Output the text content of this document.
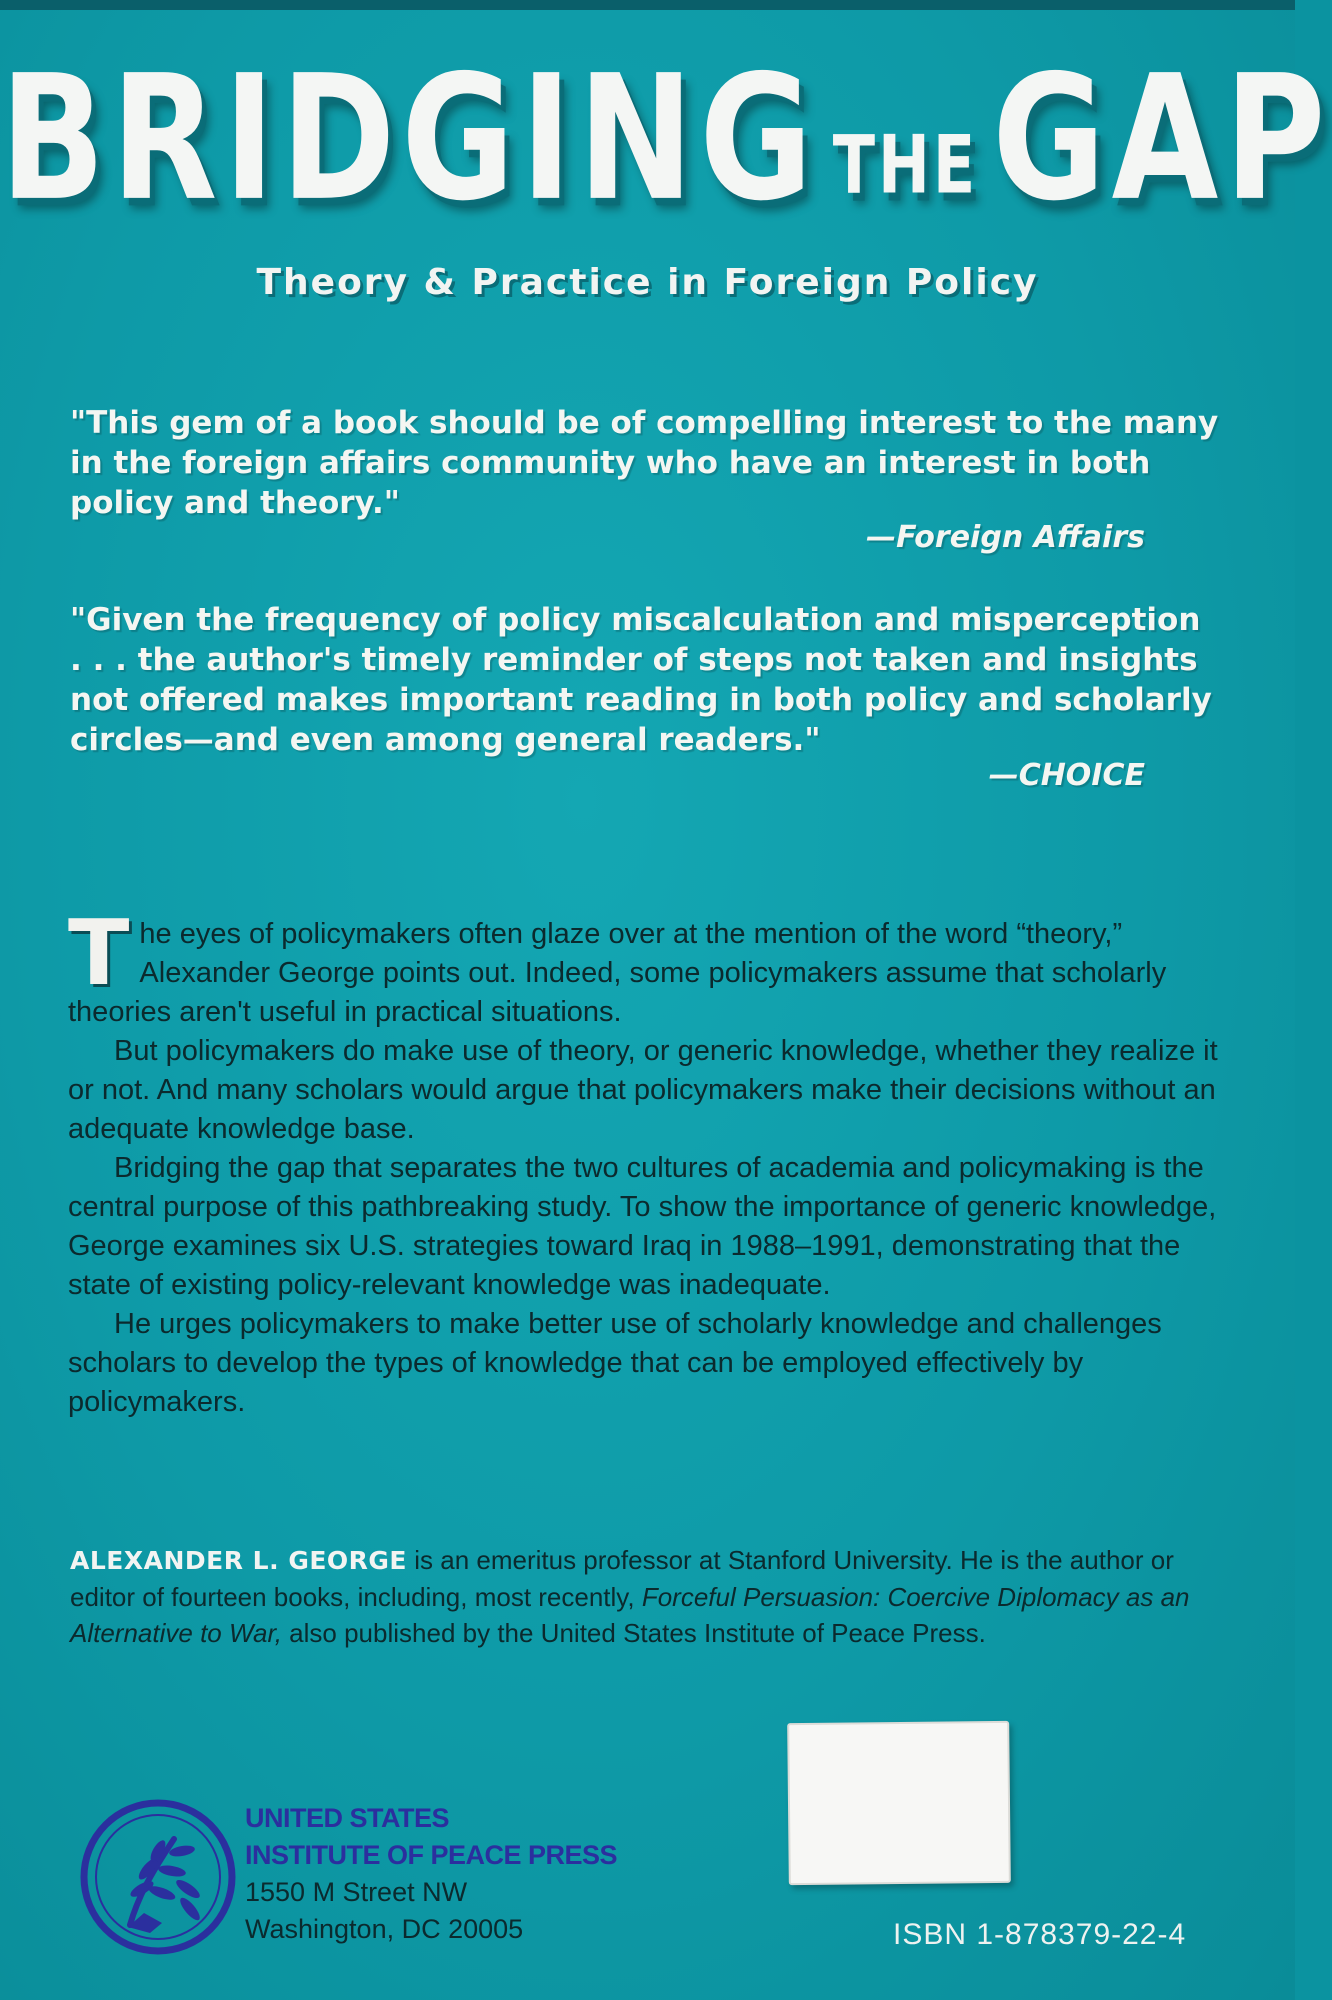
BRIDGING THE GAP
Theory & Practice in Foreign Policy
"This gem of a book should be of compelling interest to the many in the foreign affairs community who have an interest in both policy and theory."
—Foreign Affairs
"Given the frequency of policy miscalculation and misperception . . . the author's timely reminder of steps not taken and insights not offered makes important reading in both policy and scholarly circles—and even among general readers."
—CHOICE

The eyes of policymakers often glaze over at the mention of the word “theory,” Alexander George points out. Indeed, some policymakers assume that scholarly theories aren't useful in practical situations.

But policymakers do make use of theory, or generic knowledge, whether they realize it or not. And many scholars would argue that policymakers make their decisions without an adequate knowledge base.

Bridging the gap that separates the two cultures of academia and policymaking is the central purpose of this pathbreaking study. To show the importance of generic knowledge, George examines six U.S. strategies toward Iraq in 1988–1991, demonstrating that the state of existing policy-relevant knowledge was inadequate.

He urges policymakers to make better use of scholarly knowledge and challenges scholars to develop the types of knowledge that can be employed effectively by policymakers.

ALEXANDER L. GEORGE is an emeritus professor at Stanford University. He is the author or editor of fourteen books, including, most recently, Forceful Persuasion: Coercive Diplomacy as an Alternative to War, also published by the United States Institute of Peace Press.
UNITED STATES
INSTITUTE OF PEACE PRESS
1550 M Street NW
Washington, DC 20005	ISBN 1-878379-22-4
